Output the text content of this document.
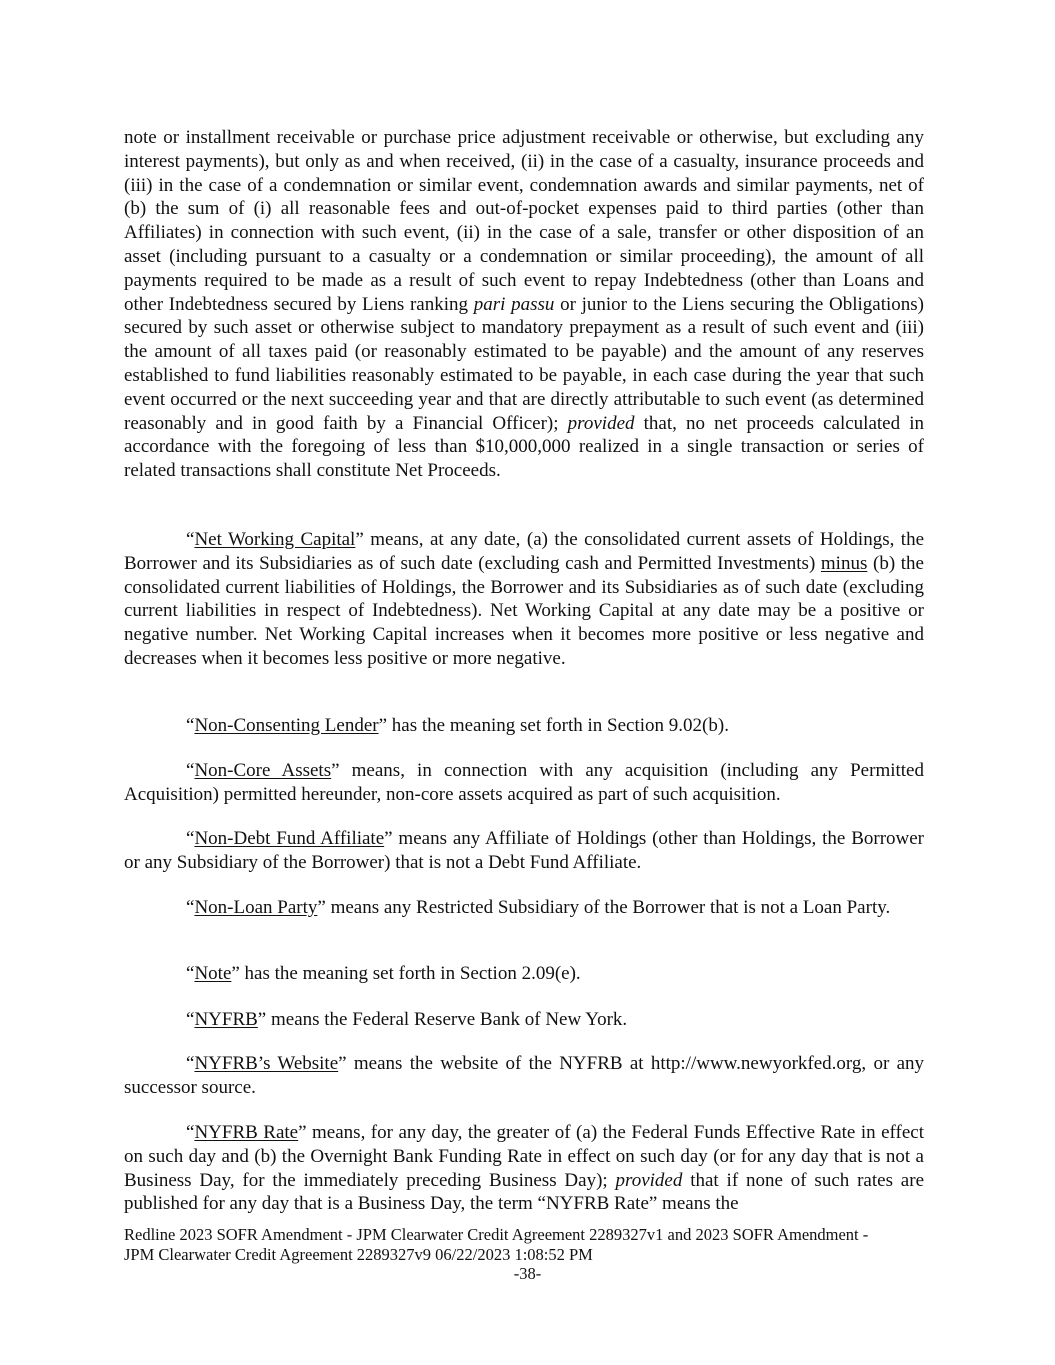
note or installment receivable or purchase price adjustment receivable or otherwise, but excluding any interest payments), but only as and when received, (ii) in the case of a casualty, insurance proceeds and (iii) in the case of a condemnation or similar event, condemnation awards and similar payments, net of (b) the sum of (i) all reasonable fees and out-of-pocket expenses paid to third parties (other than Affiliates) in connection with such event, (ii) in the case of a sale, transfer or other disposition of an asset (including pursuant to a casualty or a condemnation or similar proceeding), the amount of all payments required to be made as a result of such event to repay Indebtedness (other than Loans and other Indebtedness secured by Liens ranking pari passu or junior to the Liens securing the Obligations) secured by such asset or otherwise subject to mandatory prepayment as a result of such event and (iii) the amount of all taxes paid (or reasonably estimated to be payable) and the amount of any reserves established to fund liabilities reasonably estimated to be payable, in each case during the year that such event occurred or the next succeeding year and that are directly attributable to such event (as determined reasonably and in good faith by a Financial Officer); provided that, no net proceeds calculated in accordance with the foregoing of less than $10,000,000 realized in a single transaction or series of related transactions shall constitute Net Proceeds.

“Net Working Capital” means, at any date, (a) the consolidated current assets of Holdings, the Borrower and its Subsidiaries as of such date (excluding cash and Permitted Investments) minus (b) the consolidated current liabilities of Holdings, the Borrower and its Subsidiaries as of such date (excluding current liabilities in respect of Indebtedness). Net Working Capital at any date may be a positive or negative number. Net Working Capital increases when it becomes more positive or less negative and decreases when it becomes less positive or more negative.

“Non-Consenting Lender” has the meaning set forth in Section 9.02(b).

“Non-Core Assets” means, in connection with any acquisition (including any Permitted Acquisition) permitted hereunder, non-core assets acquired as part of such acquisition.

“Non-Debt Fund Affiliate” means any Affiliate of Holdings (other than Holdings, the Borrower or any Subsidiary of the Borrower) that is not a Debt Fund Affiliate.

“Non-Loan Party” means any Restricted Subsidiary of the Borrower that is not a Loan Party.

“Note” has the meaning set forth in Section 2.09(e).

“NYFRB” means the Federal Reserve Bank of New York.

“NYFRB’s Website” means the website of the NYFRB at http://www.newyorkfed.org, or any successor source.

“NYFRB Rate” means, for any day, the greater of (a) the Federal Funds Effective Rate in effect on such day and (b) the Overnight Bank Funding Rate in effect on such day (or for any day that is not a Business Day, for the immediately preceding Business Day); provided that if none of such rates are published for any day that is a Business Day, the term “NYFRB Rate” means the

Redline 2023 SOFR Amendment - JPM Clearwater Credit Agreement 2289327v1 and 2023 SOFR Amendment -
JPM Clearwater Credit Agreement 2289327v9 06/22/2023 1:08:52 PM
-38-
